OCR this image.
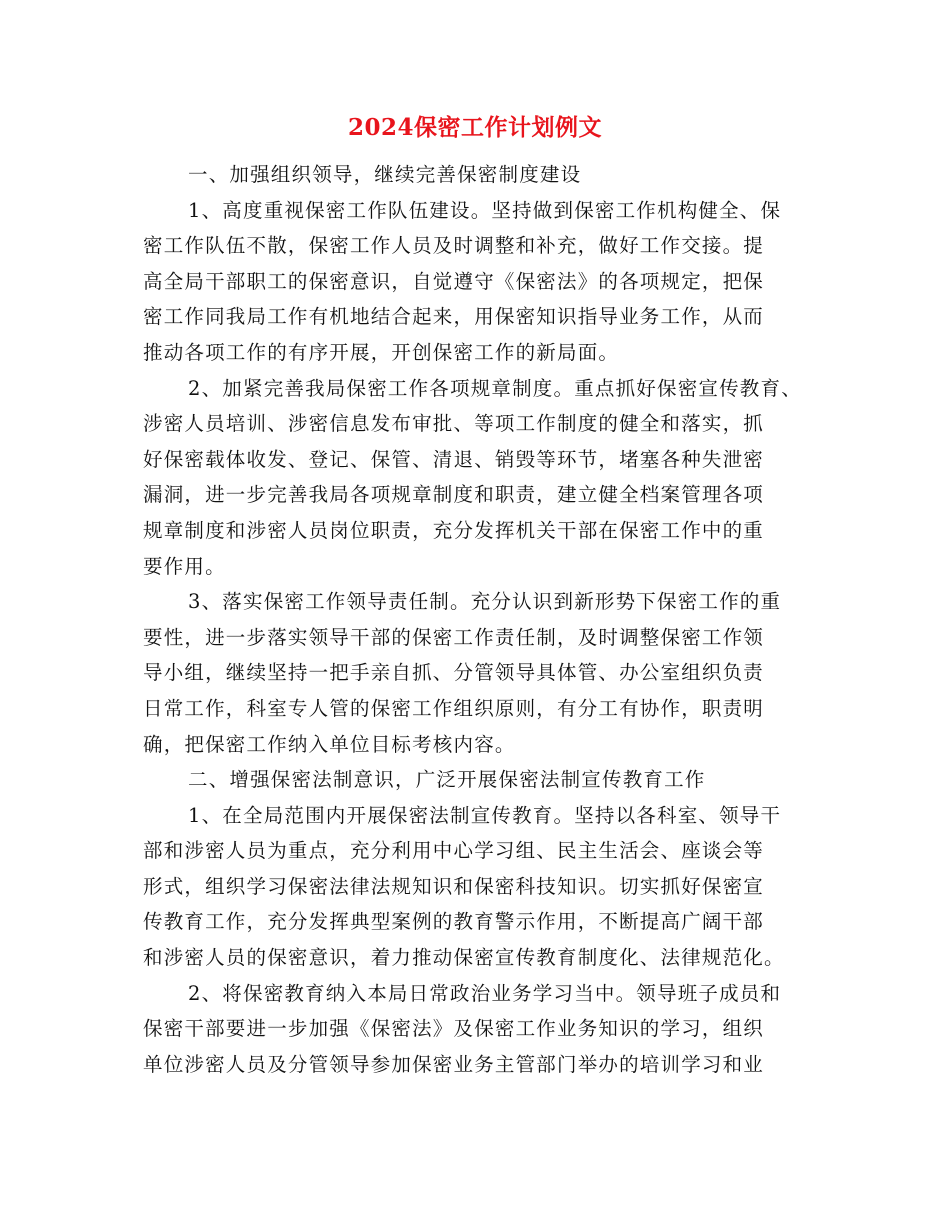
2024保密工作计划例文
一、加强组织领导，继续完善保密制度建设
1、高度重视保密工作队伍建设。坚持做到保密工作机构健全、保
密工作队伍不散，保密工作人员及时调整和补充，做好工作交接。提
高全局干部职工的保密意识，自觉遵守《保密法》的各项规定，把保
密工作同我局工作有机地结合起来，用保密知识指导业务工作，从而
推动各项工作的有序开展，开创保密工作的新局面。
2、加紧完善我局保密工作各项规章制度。重点抓好保密宣传教育、
涉密人员培训、涉密信息发布审批、等项工作制度的健全和落实，抓
好保密载体收发、登记、保管、清退、销毁等环节，堵塞各种失泄密
漏洞，进一步完善我局各项规章制度和职责，建立健全档案管理各项
规章制度和涉密人员岗位职责，充分发挥机关干部在保密工作中的重
要作用。
3、落实保密工作领导责任制。充分认识到新形势下保密工作的重
要性，进一步落实领导干部的保密工作责任制，及时调整保密工作领
导小组，继续坚持一把手亲自抓、分管领导具体管、办公室组织负责
日常工作，科室专人管的保密工作组织原则，有分工有协作，职责明
确，把保密工作纳入单位目标考核内容。
二、增强保密法制意识，广泛开展保密法制宣传教育工作
1、在全局范围内开展保密法制宣传教育。坚持以各科室、领导干
部和涉密人员为重点，充分利用中心学习组、民主生活会、座谈会等
形式，组织学习保密法律法规知识和保密科技知识。切实抓好保密宣
传教育工作，充分发挥典型案例的教育警示作用，不断提高广阔干部
和涉密人员的保密意识，着力推动保密宣传教育制度化、法律规范化。
2、将保密教育纳入本局日常政治业务学习当中。领导班子成员和
保密干部要进一步加强《保密法》及保密工作业务知识的学习，组织
单位涉密人员及分管领导参加保密业务主管部门举办的培训学习和业
